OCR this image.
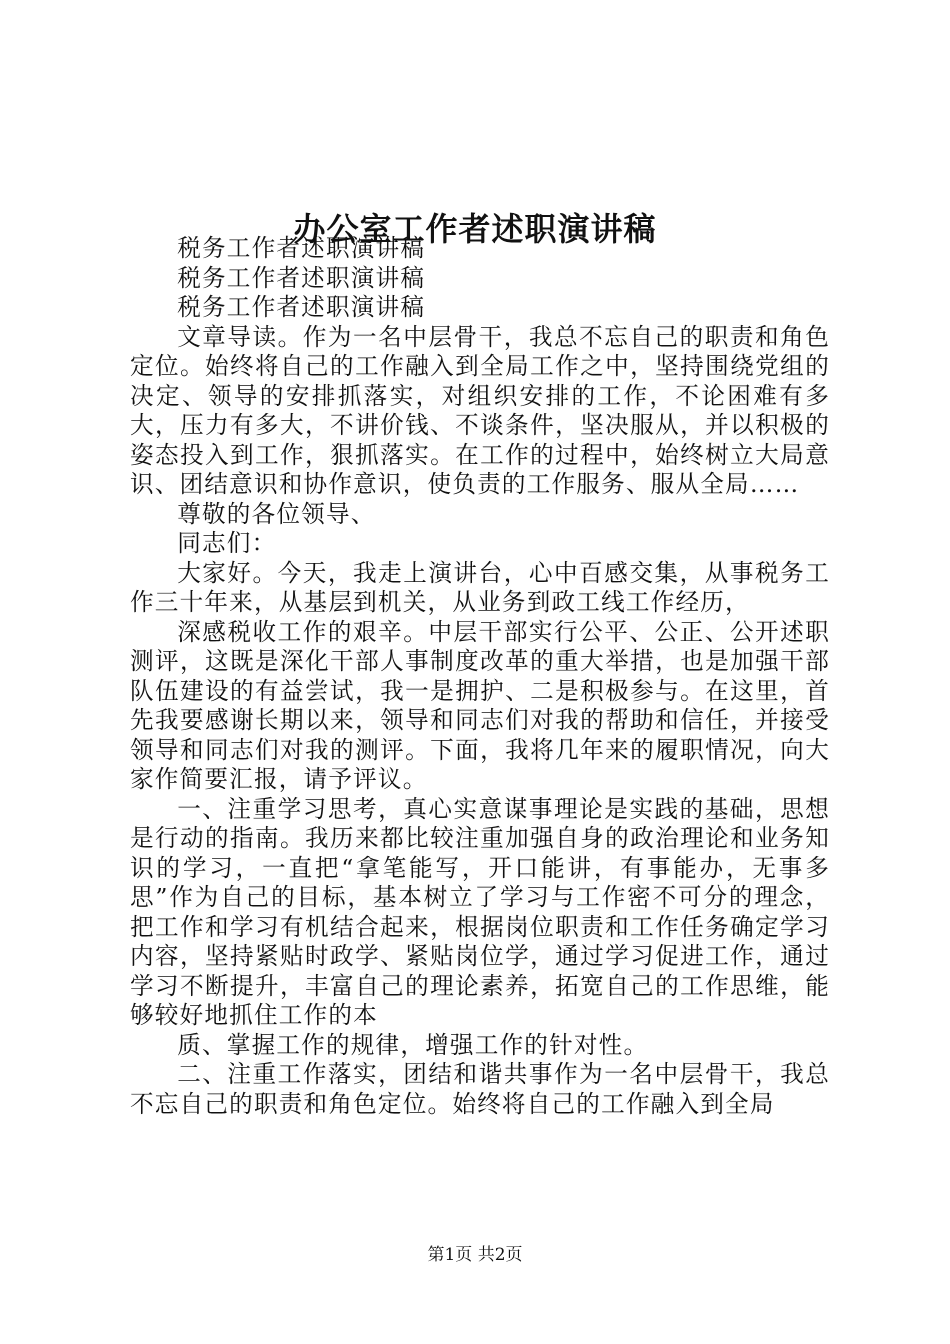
办公室工作者述职演讲稿

税务工作者述职演讲稿

税务工作者述职演讲稿

税务工作者述职演讲稿

文章导读。作为一名中层骨干，我总不忘自己的职责和角色定位。始终将自己的工作融入到全局工作之中，坚持围绕党组的决定、领导的安排抓落实，对组织安排的工作，不论困难有多大，压力有多大，不讲价钱、不谈条件，坚决服从，并以积极的姿态投入到工作，狠抓落实。在工作的过程中，始终树立大局意识、团结意识和协作意识，使负责的工作服务、服从全局……

尊敬的各位领导、

同志们：

大家好。今天，我走上演讲台，心中百感交集，从事税务工作三十年来，从基层到机关，从业务到政工线工作经历，

深感税收工作的艰辛。中层干部实行公平、公正、公开述职测评，这既是深化干部人事制度改革的重大举措，也是加强干部队伍建设的有益尝试，我一是拥护、二是积极参与。在这里，首先我要感谢长期以来，领导和同志们对我的帮助和信任，并接受领导和同志们对我的测评。下面，我将几年来的履职情况，向大家作简要汇报，请予评议。

一、注重学习思考，真心实意谋事理论是实践的基础，思想是行动的指南。我历来都比较注重加强自身的政治理论和业务知识的学习，一直把“拿笔能写，开口能讲，有事能办，无事多思”作为自己的目标，基本树立了学习与工作密不可分的理念，把工作和学习有机结合起来，根据岗位职责和工作任务确定学习内容，坚持紧贴时政学、紧贴岗位学，通过学习促进工作，通过学习不断提升，丰富自己的理论素养，拓宽自己的工作思维，能够较好地抓住工作的本

质、掌握工作的规律，增强工作的针对性。

二、注重工作落实，团结和谐共事作为一名中层骨干，我总不忘自己的职责和角色定位。始终将自己的工作融入到全局

第1页 共2页
